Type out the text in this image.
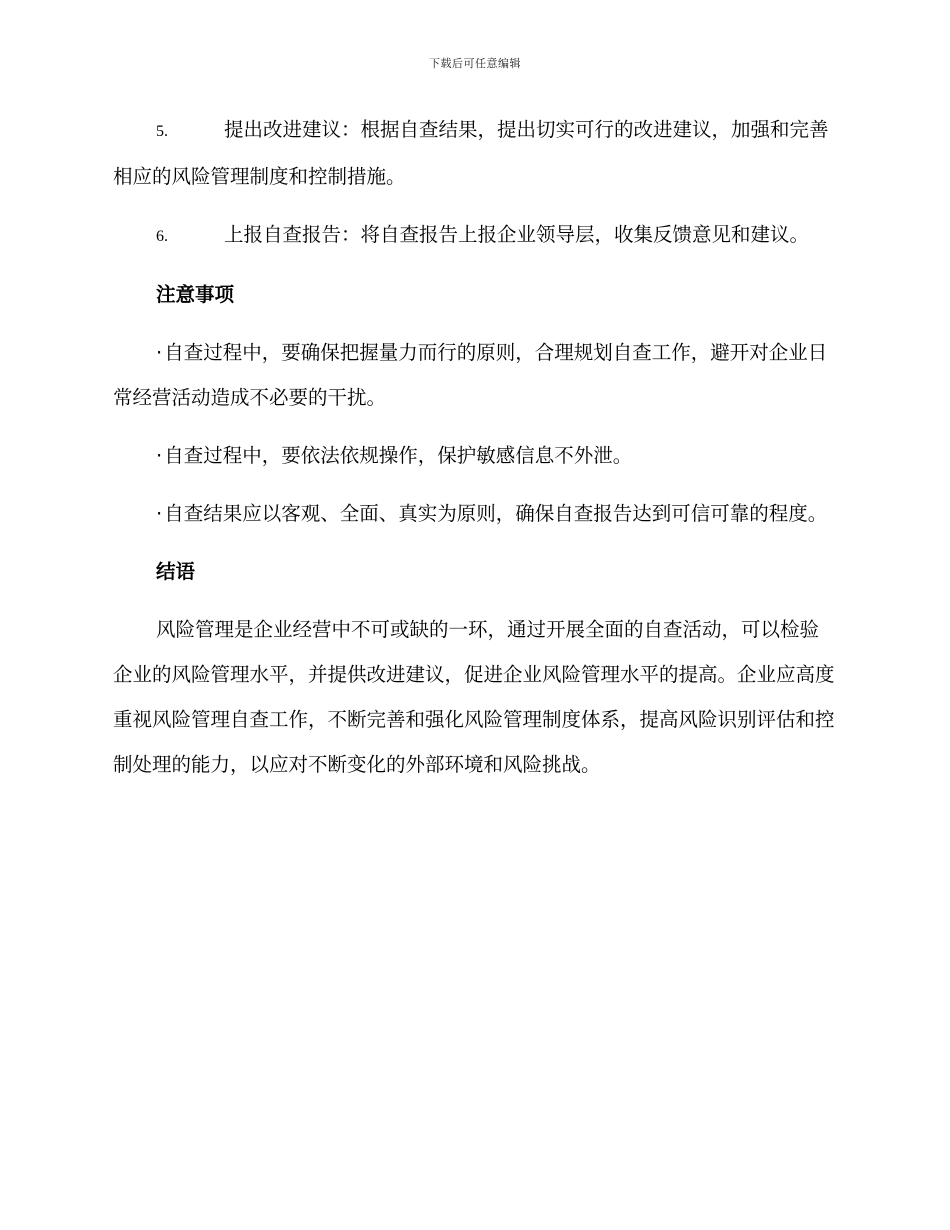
下载后可任意编辑

5.	提出改进建议：根据自查结果，提出切实可行的改进建议，加强和完善相应的风险管理制度和控制措施。

6.	上报自查报告：将自查报告上报企业领导层，收集反馈意见和建议。

注意事项

· 自查过程中，要确保把握量力而行的原则，合理规划自查工作，避开对企业日常经营活动造成不必要的干扰。

· 自查过程中，要依法依规操作，保护敏感信息不外泄。

· 自查结果应以客观、全面、真实为原则，确保自查报告达到可信可靠的程度。

结语

风险管理是企业经营中不可或缺的一环，通过开展全面的自查活动，可以检验企业的风险管理水平，并提供改进建议，促进企业风险管理水平的提高。企业应高度重视风险管理自查工作，不断完善和强化风险管理制度体系，提高风险识别评估和控制处理的能力，以应对不断变化的外部环境和风险挑战。
